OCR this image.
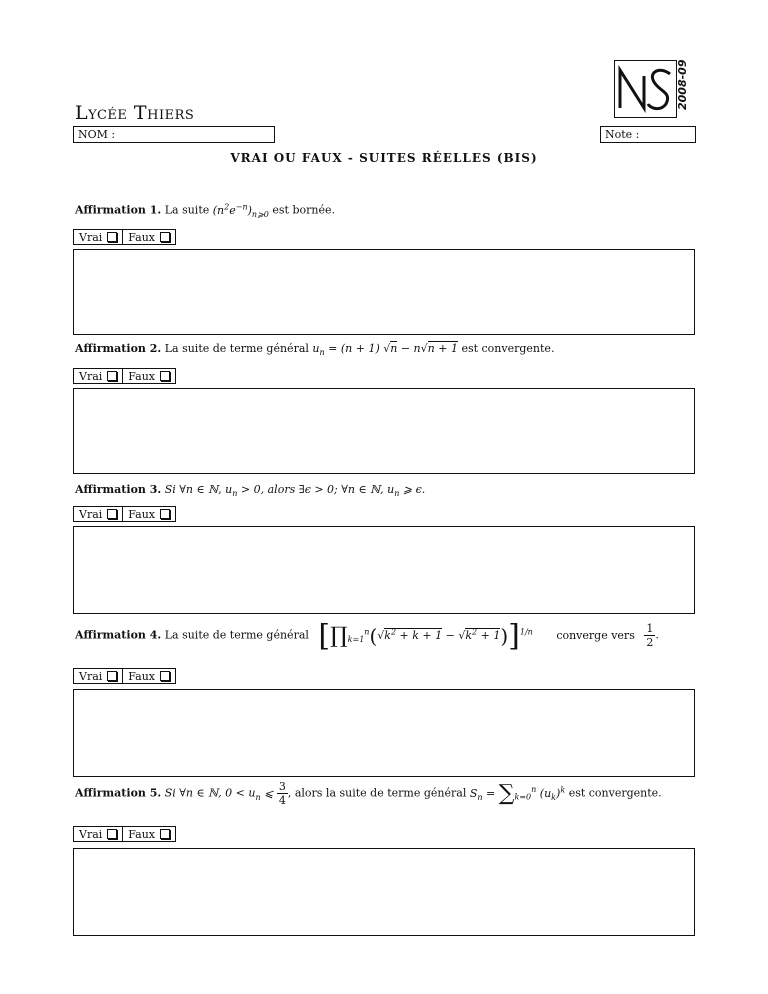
Lycée Thiers
2008-09
NOM :	Note :
VRAI OU FAUX - SUITES RÉELLES (BIS)
Affirmation 1. La suite $(n^2e^{-n})_{n⩾0}$ est bornée.
Vrai Faux
Affirmation 2. La suite de terme général $u_n = (n + 1) √n - n√n + 1$ est convergente.
Vrai Faux
Affirmation 3. Si ∀n ∈ ℕ, $u_n > 0$, alors ∃ϵ > 0; ∀n ∈ ℕ, $u_n$ ⩾ ϵ.
Vrai Faux
Affirmation 4. La suite de terme général $[\prod_{k=1}^n(√k^2 + k + 1 - √k^2 + 1)]^{1/n}$ converge vers $\frac{1}{2}$ .
Vrai Faux
Affirmation 5. Si ∀n ∈ ℕ, $0 < u_n$ ⩽ $\frac{3}{4}$ , alors la suite de terme général $S_n = \sum_{k=0}^n$ $(u_k)^k$ est convergente.
Vrai Faux
